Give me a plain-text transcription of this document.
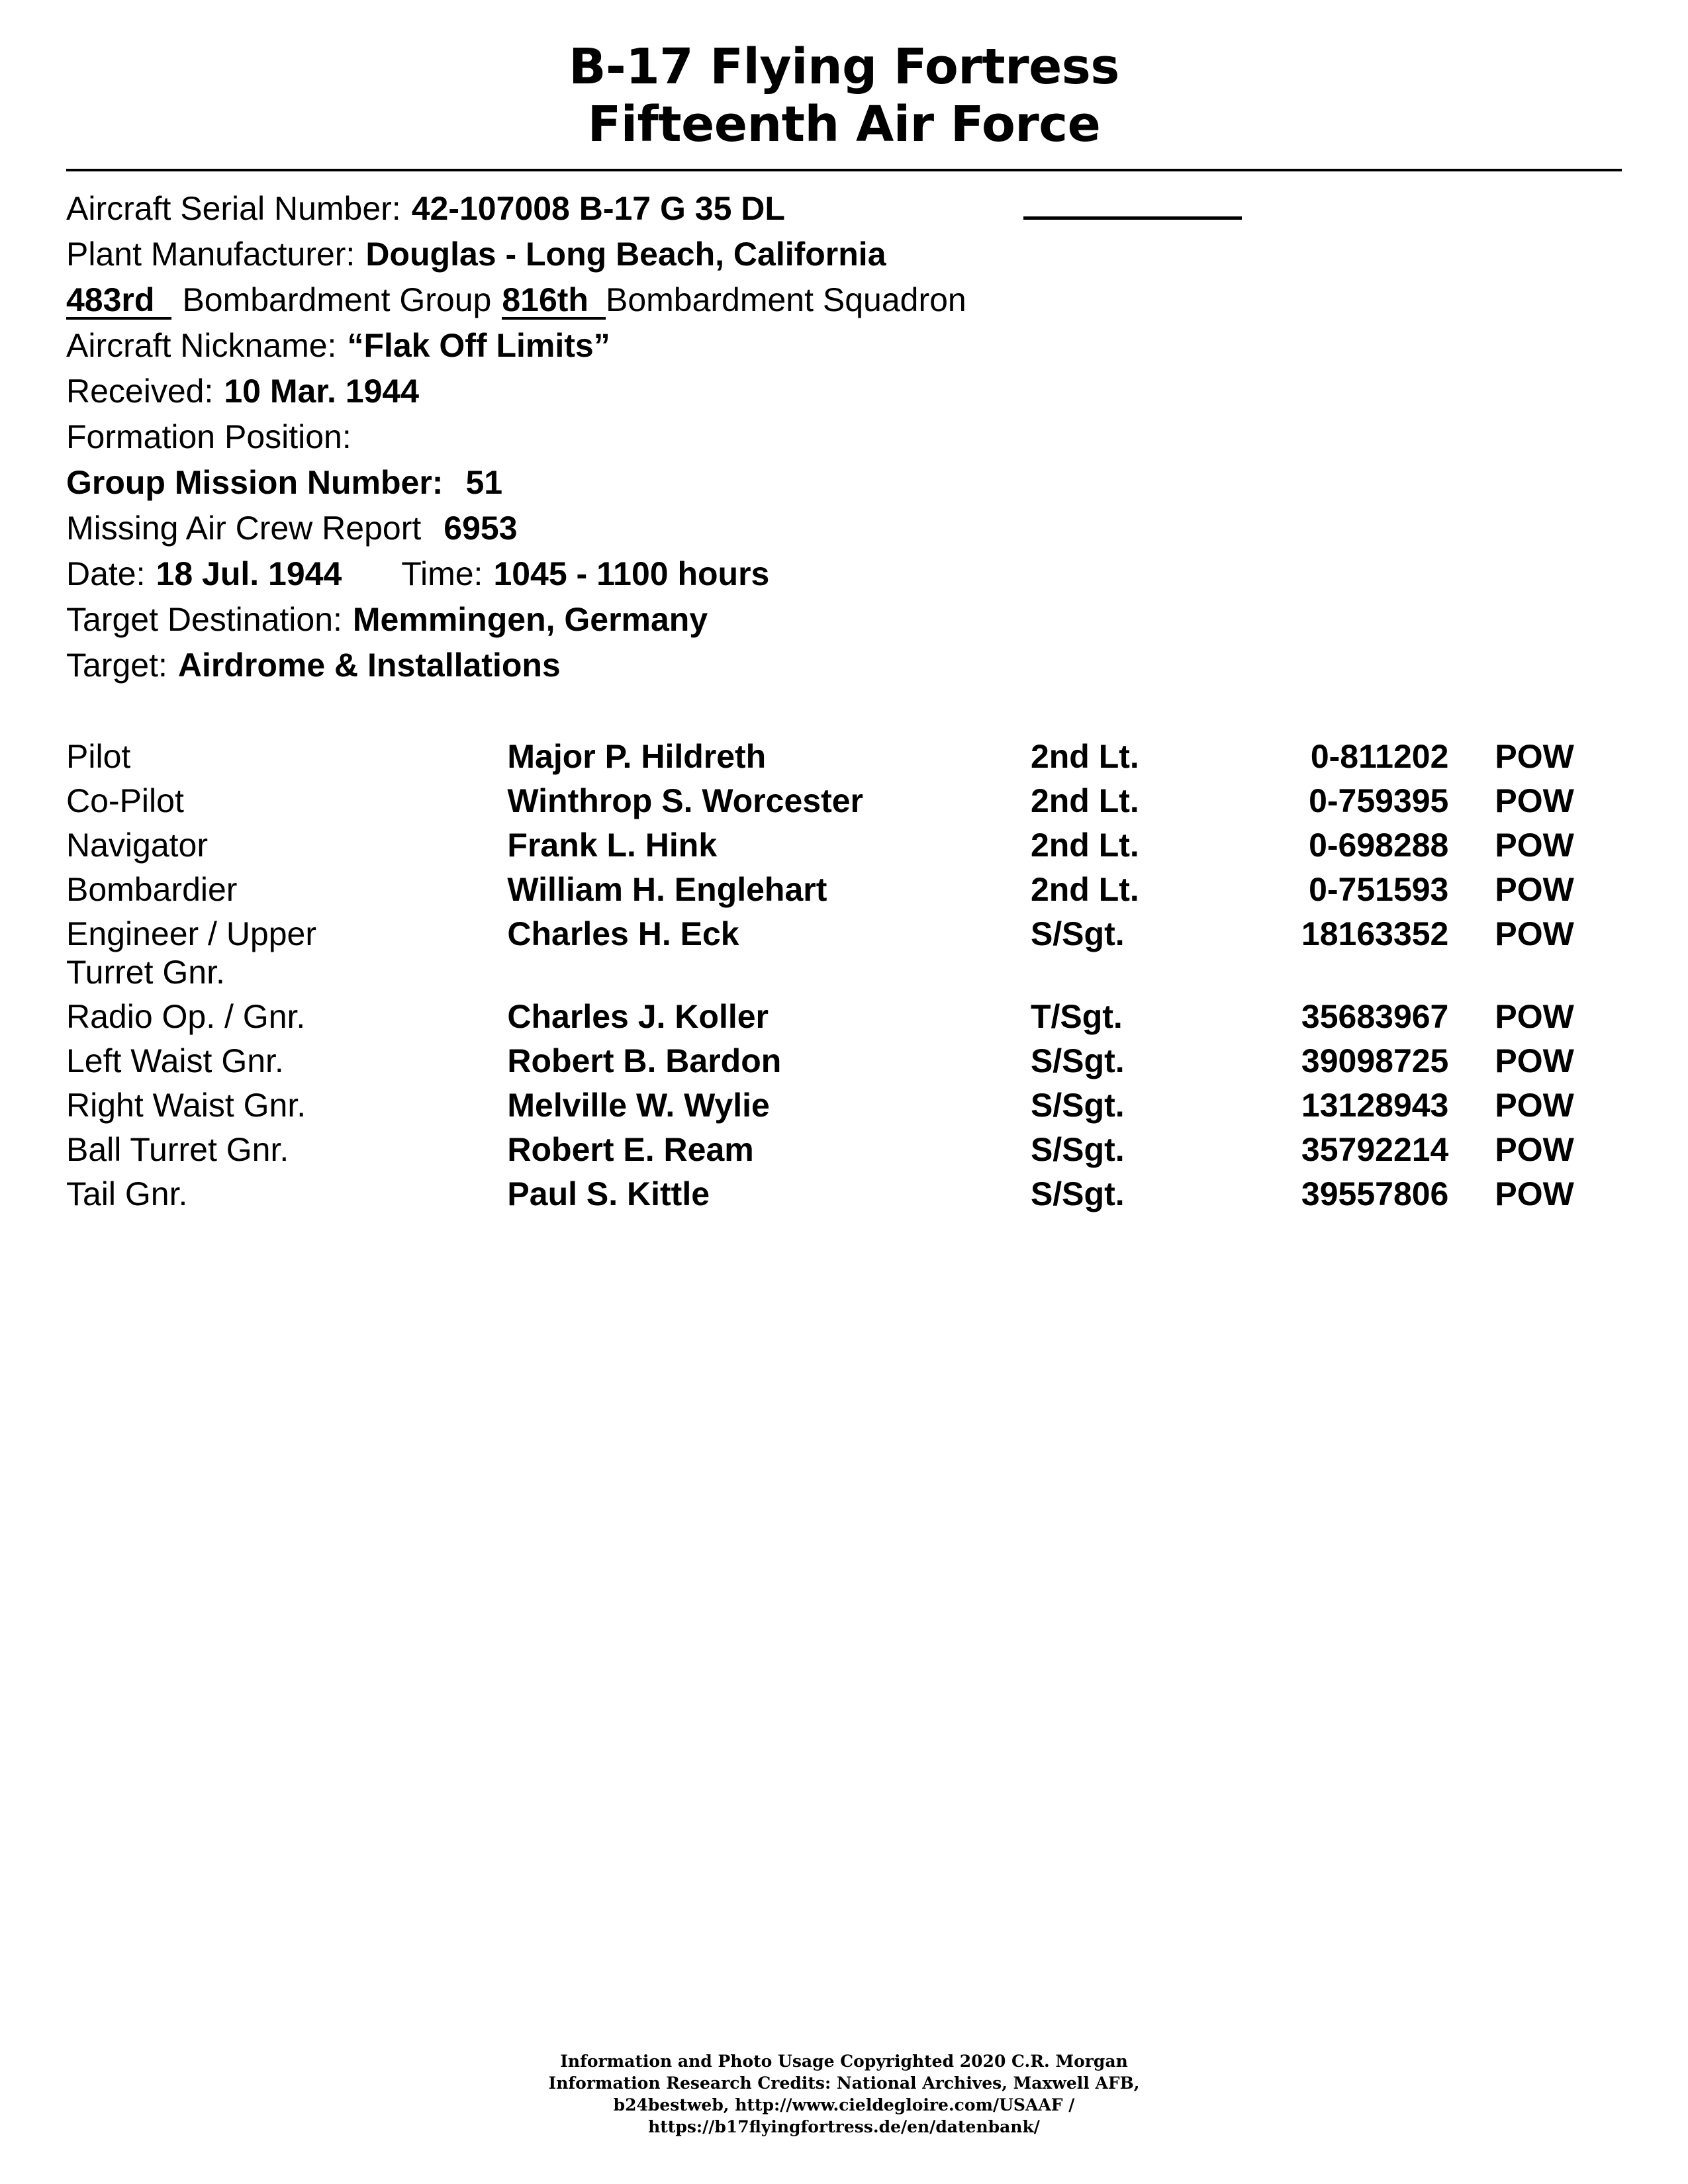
B-17 Flying Fortress
Fifteenth Air Force
Aircraft Serial Number: 42-107008 B-17 G 35 DL
Plant Manufacturer: Douglas - Long Beach, California
483rd Bombardment Group 816th Bombardment Squadron
Aircraft Nickname: “Flak Off Limits”
Received: 10 Mar. 1944
Formation Position:
Group Mission Number: 51
Missing Air Crew Report 6953
Date: 18 Jul. 1944 Time: 1045 - 1100 hours
Target Destination: Memmingen, Germany
Target: Airdrome & Installations
Pilot	Major P. Hildreth	2nd Lt.	0-811202	POW
Co-Pilot	Winthrop S. Worcester	2nd Lt.	0-759395	POW
Navigator	Frank L. Hink	2nd Lt.	0-698288	POW
Bombardier	William H. Englehart	2nd Lt.	0-751593	POW

Engineer / Upper
Turret Gnr.	Charles H. Eck	S/Sgt.	18163352	POW
Radio Op. / Gnr.	Charles J. Koller	T/Sgt.	35683967	POW
Left Waist Gnr.	Robert B. Bardon	S/Sgt.	39098725	POW
Right Waist Gnr.	Melville W. Wylie	S/Sgt.	13128943	POW
Ball Turret Gnr.	Robert E. Ream	S/Sgt.	35792214	POW
Tail Gnr.	Paul S. Kittle	S/Sgt.	39557806	POW
Information and Photo Usage Copyrighted 2020 C.R. Morgan
Information Research Credits: National Archives, Maxwell AFB,
b24bestweb, http://www.cieldegloire.com/USAAF /
https://b17flyingfortress.de/en/datenbank/
